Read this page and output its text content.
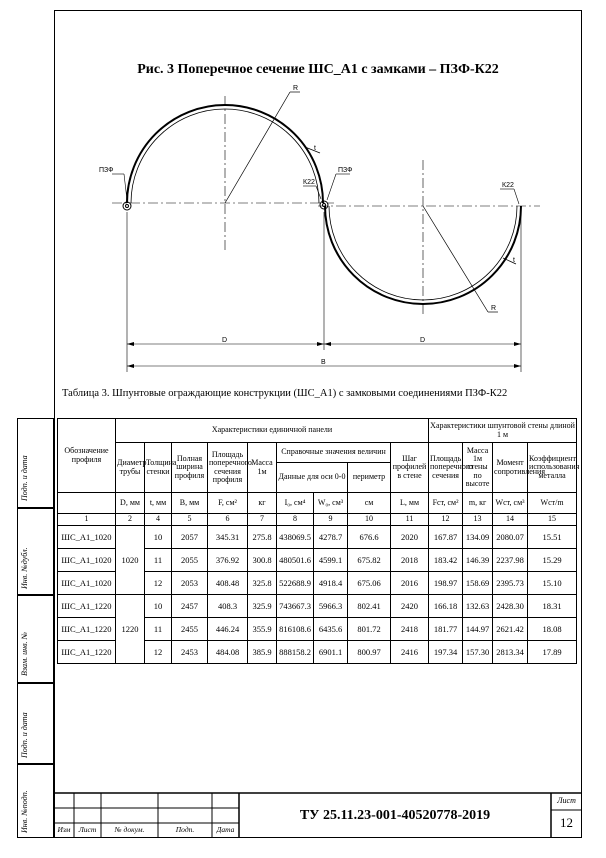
Рис. 3 Поперечное сечение ШС_А1 с замками – ПЗФ-К22
R
R
t
t
ПЗФ	ПЗФ
К22	К22
D	D
B
Таблица 3. Шпунтовые ограждающие конструкции (ШС_А1) с замковыми соединениями ПЗФ-К22
Обозначение профиля	Характеристики единичной панели									Характеристики шпунтовой стены длиной 1 м			
	Диаметр трубы	Толщина стенки	Полная ширина профиля	Площадь поперечного сечения профиля	Масса 1м	Справочные значения величин			Шаг профилей в стене	Площадь поперечного сечения	Масса 1м стены по высоте	Момент сопротивления	Коэффициент использования металла
						Данные для оси 0-0		периметр					
	D, мм	t, мм	B, мм	F, см²	кг	I₀, см⁴	W₀, см³	см	L, мм	Fст, см²	m, кг	Wст, см³	Wст/m
1	2	4	5	6	7	8	9	10	11	12	13	14	15
ШС_А1_1020	1020	10	2057	345.31	275.8	438069.5	4278.7	676.6	2020	167.87	134.09	2080.07	15.51
ШС_А1_1020		11	2055	376.92	300.8	480501.6	4599.1	675.82	2018	183.42	146.39	2237.98	15.29
ШС_А1_1020		12	2053	408.48	325.8	522688.9	4918.4	675.06	2016	198.97	158.69	2395.73	15.10
ШС_А1_1220	1220	10	2457	408.3	325.9	743667.3	5966.3	802.41	2420	166.18	132.63	2428.30	18.31
ШС_А1_1220		11	2455	446.24	355.9	816108.6	6435.6	801.72	2418	181.77	144.97	2621.42	18.08
ШС_А1_1220		12	2453	484.08	385.9	888158.2	6901.1	800.97	2416	197.34	157.30	2813.34	17.89
Подп. и дата
Инв. №дубл.
Взам. инв. №
Подп. и дата
Инв. №подп.	Изм	Лист	№ докум.	Подп.	Дата
ТУ 25.11.23-001-40520778-2019
Лист
12
